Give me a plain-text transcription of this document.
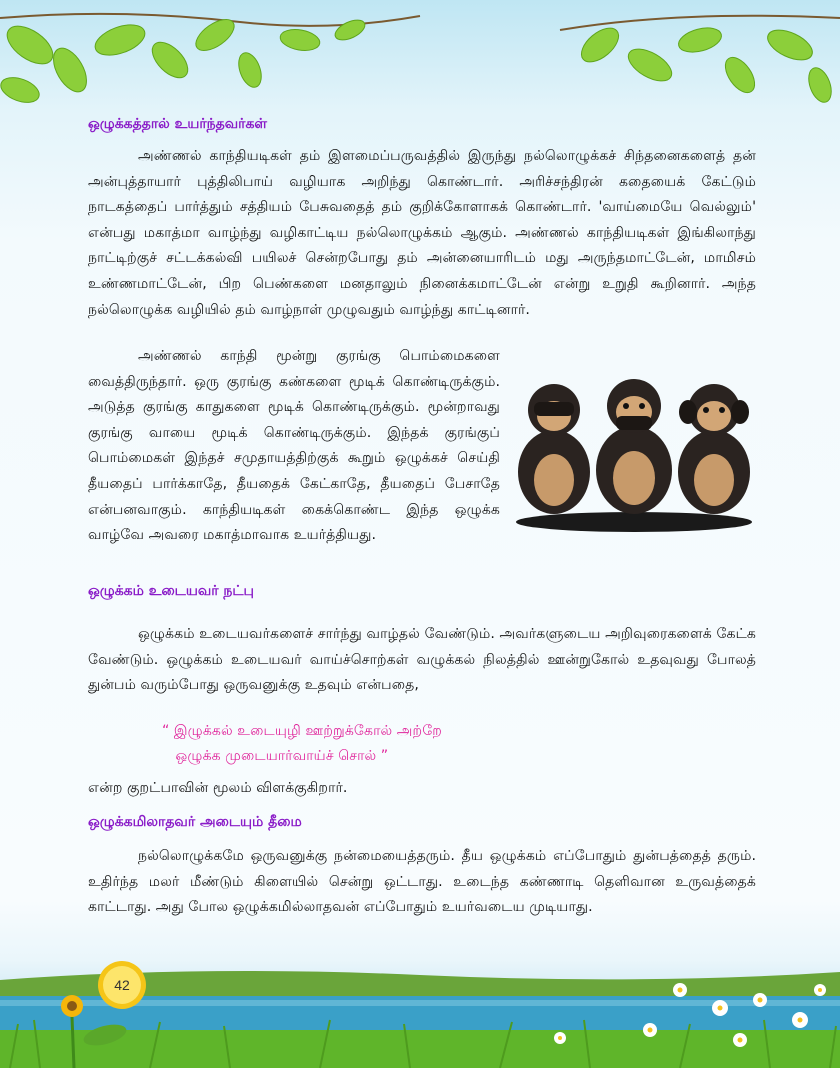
ஒழுக்கத்தால் உயர்ந்தவர்கள்

அண்ணல் காந்தியடிகள் தம் இளமைப்பருவத்தில் இருந்து நல்லொழுக்கச் சிந்தனைகளைத் தன் அன்புத்தாயார் புத்திலிபாய் வழியாக அறிந்து கொண்டார். அரிச்சந்திரன் கதையைக் கேட்டும் நாடகத்தைப் பார்த்தும் சத்தியம் பேசுவதைத் தம் குறிக்கோளாகக் கொண்டார். 'வாய்மையே வெல்லும்' என்பது மகாத்மா வாழ்ந்து வழிகாட்டிய நல்லொழுக்கம் ஆகும். அண்ணல் காந்தியடிகள் இங்கிலாந்து நாட்டிற்குச் சட்டக்கல்வி பயிலச் சென்றபோது தம் அன்னையாரிடம் மது அருந்தமாட்டேன், மாமிசம் உண்ணமாட்டேன், பிற பெண்களை மனதாலும் நினைக்கமாட்டேன் என்று உறுதி கூறினார். அந்த நல்லொழுக்க வழியில் தம் வாழ்நாள் முழுவதும் வாழ்ந்து காட்டினார்.

அண்ணல் காந்தி மூன்று குரங்கு பொம்மைகளை வைத்திருந்தார். ஒரு குரங்கு கண்களை மூடிக் கொண்டிருக்கும். அடுத்த குரங்கு காதுகளை மூடிக் கொண்டிருக்கும். மூன்றாவது குரங்கு வாயை மூடிக் கொண்டிருக்கும். இந்தக் குரங்குப் பொம்மைகள் இந்தச் சமுதாயத்திற்குக் கூறும் ஒழுக்கச் செய்தி தீயதைப் பார்க்காதே, தீயதைக் கேட்காதே, தீயதைப் பேசாதே என்பனவாகும். காந்தியடிகள் கைக்கொண்ட இந்த ஒழுக்க வாழ்வே அவரை மகாத்மாவாக உயர்த்தியது.

ஒழுக்கம் உடையவர் நட்பு

ஒழுக்கம் உடையவர்களைச் சார்ந்து வாழ்தல் வேண்டும். அவர்களுடைய அறிவுரைகளைக் கேட்க வேண்டும். ஒழுக்கம் உடையவர் வாய்ச்சொற்கள் வழுக்கல் நிலத்தில் ஊன்றுகோல் உதவுவது போலத் துன்பம் வரும்போது ஒருவனுக்கு உதவும் என்பதை,

“ இழுக்கல் உடையுழி ஊற்றுக்கோல் அற்றே
ஒழுக்க முடையார்வாய்ச் சொல் ”

என்ற குறட்பாவின் மூலம் விளக்குகிறார்.

ஒழுக்கமிலாதவர் அடையும் தீமை

நல்லொழுக்கமே ஒருவனுக்கு நன்மையைத்தரும். தீய ஒழுக்கம் எப்போதும் துன்பத்தைத் தரும். உதிர்ந்த மலர் மீண்டும் கிளையில் சென்று ஒட்டாது. உடைந்த கண்ணாடி தெளிவான உருவத்தைக் காட்டாது. அது போல ஒழுக்கமில்லாதவன் எப்போதும் உயர்வடைய முடியாது.

42
